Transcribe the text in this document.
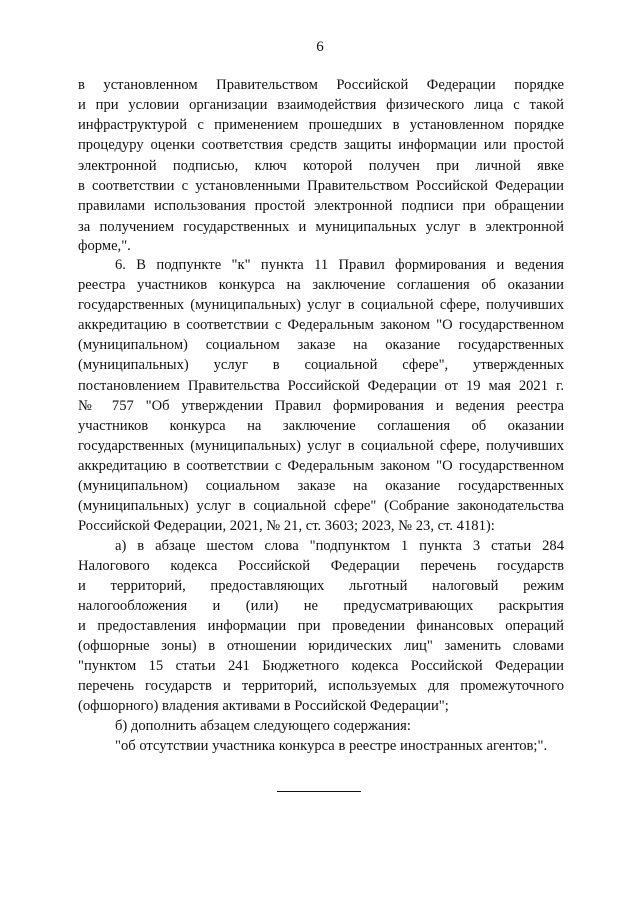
6
в установленном Правительством Российской Федерации порядке
и при условии организации взаимодействия физического лица с такой
инфраструктурой с применением прошедших в установленном порядке
процедуру оценки соответствия средств защиты информации или простой
электронной подписью, ключ которой получен при личной явке
в соответствии с установленными Правительством Российской Федерации
правилами использования простой электронной подписи при обращении
за получением государственных и муниципальных услуг в электронной
форме,".
6. В подпункте "к" пункта 11 Правил формирования и ведения
реестра участников конкурса на заключение соглашения об оказании
государственных (муниципальных) услуг в социальной сфере, получивших
аккредитацию в соответствии с Федеральным законом "О государственном
(муниципальном) социальном заказе на оказание государственных
(муниципальных) услуг в социальной сфере", утвержденных
постановлением Правительства Российской Федерации от 19 мая 2021 г.
№ 757 "Об утверждении Правил формирования и ведения реестра
участников конкурса на заключение соглашения об оказании
государственных (муниципальных) услуг в социальной сфере, получивших
аккредитацию в соответствии с Федеральным законом "О государственном
(муниципальном) социальном заказе на оказание государственных
(муниципальных) услуг в социальной сфере" (Собрание законодательства
Российской Федерации, 2021, № 21, ст. 3603; 2023, № 23, ст. 4181):
а) в абзаце шестом слова "подпунктом 1 пункта 3 статьи 284
Налогового кодекса Российской Федерации перечень государств
и территорий, предоставляющих льготный налоговый режим
налогообложения и (или) не предусматривающих раскрытия
и предоставления информации при проведении финансовых операций
(офшорные зоны) в отношении юридических лиц" заменить словами
"пунктом 15 статьи 241 Бюджетного кодекса Российской Федерации
перечень государств и территорий, используемых для промежуточного
(офшорного) владения активами в Российской Федерации";
б) дополнить абзацем следующего содержания:
"об отсутствии участника конкурса в реестре иностранных агентов;".
